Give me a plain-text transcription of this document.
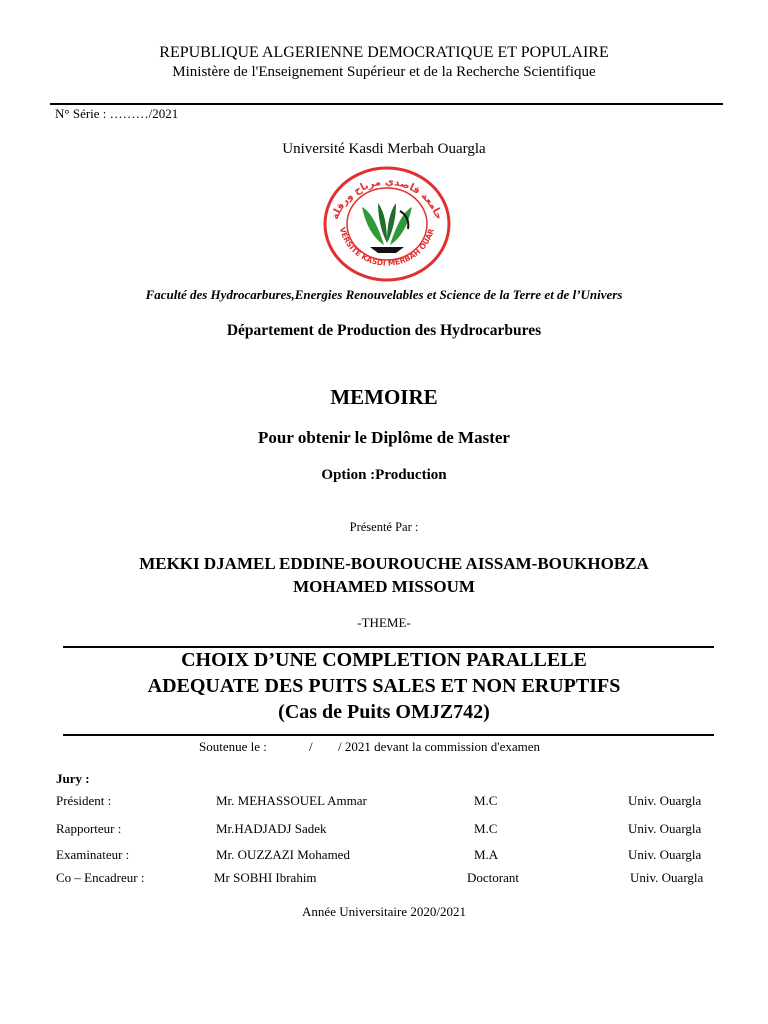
REPUBLIQUE ALGERIENNE DEMOCRATIQUE ET POPULAIRE
Ministère de l'Enseignement Supérieur et de la Recherche Scientifique
N° Série : ………/2021
Université Kasdi Merbah Ouargla
جامعة قاصدي مرباح ورقلة
VERSITE KASDI MERBAH OUAR
Faculté des Hydrocarbures,Energies Renouvelables et Science de la Terre et de l’Univers
Département de Production des Hydrocarbures
MEMOIRE
Pour obtenir le Diplôme de Master
Option :Production
Présenté Par :
MEKKI DJAMEL EDDINE-BOUROUCHE AISSAM-BOUKHOBZA
MOHAMED MISSOUM
-THEME-
CHOIX D’UNE COMPLETION PARALLELE
ADEQUATE DES PUITS SALES ET NON ERUPTIFS
(Cas de Puits OMJZ742)
Soutenue le :	/ / 2021 devant la commission d'examen
Jury :
Président :	Mr. MEHASSOUEL Ammar	M.C	Univ. Ouargla
Rapporteur :	Mr.HADJADJ Sadek	M.C	Univ. Ouargla
Examinateur :	Mr. OUZZAZI Mohamed	M.A	Univ. Ouargla
Co – Encadreur :	Mr SOBHI Ibrahim	Doctorant	Univ. Ouargla
Année Universitaire 2020/2021
